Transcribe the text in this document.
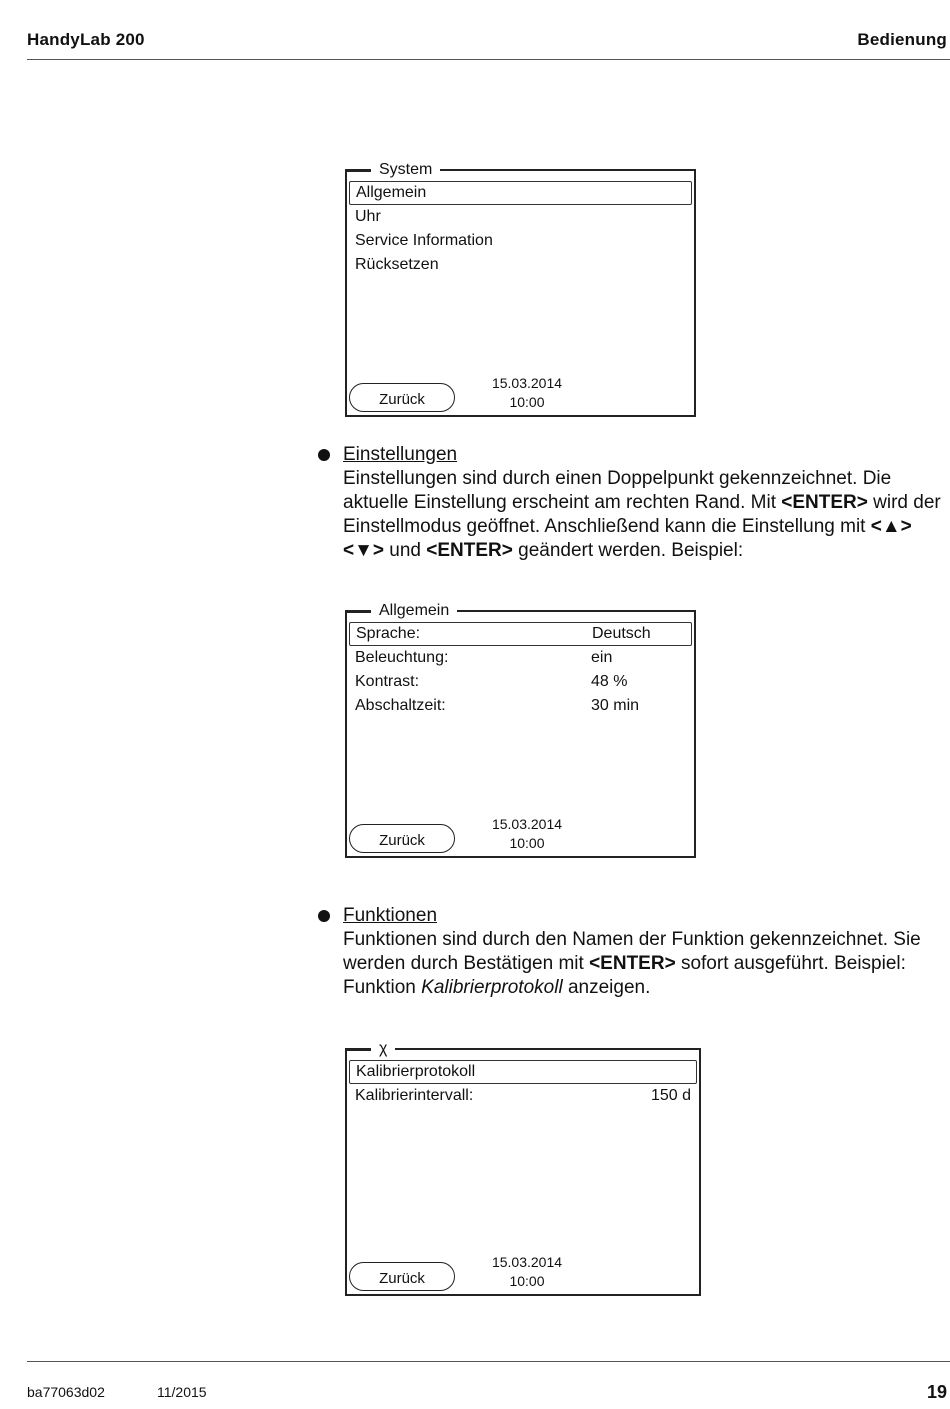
HandyLab 200	Bedienung
System
Allgemein
Uhr
Service Information
Rücksetzen
Zurück
15.03.2014
10:00
Einstellungen
Einstellungen sind durch einen Doppelpunkt gekennzeichnet. Die aktuelle Einstellung erscheint am rechten Rand. Mit <ENTER> wird der Einstellmodus geöffnet. Anschließend kann die Einstellung mit <▲><▼> und <ENTER> geändert werden. Beispiel:
Allgemein
Sprache:	Deutsch
Beleuchtung:	ein
Kontrast:	48 %
Abschaltzeit:	30 min
Zurück
15.03.2014
10:00
Funktionen
Funktionen sind durch den Namen der Funktion gekennzeichnet. Sie werden durch Bestätigen mit <ENTER> sofort ausgeführt. Beispiel: Funktion Kalibrierprotokoll anzeigen.
χ
Kalibrierprotokoll
Kalibrierintervall:	150 d
Zurück
15.03.2014
10:00
ba77063d02	11/2015	19
